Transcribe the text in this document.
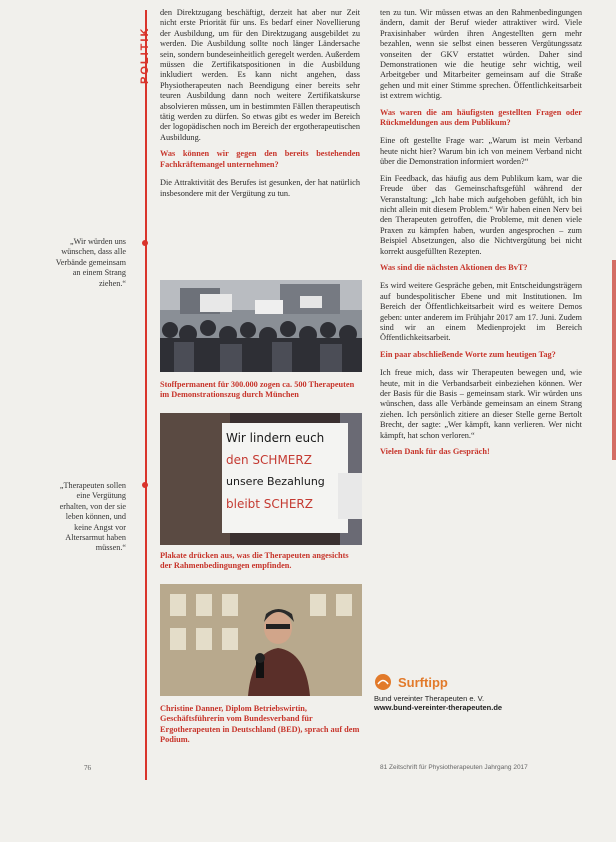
POLITIK

den Direktzugang beschäftigt, derzeit hat aber nur Zeit nicht erste Priorität für uns. Es bedarf einer Novellierung der Ausbildung, um für den Direktzugang ausgebildet zu werden. Die Ausbildung sollte noch länger Ländersache sein, sondern bundeseinheitlich geregelt werden. Außerdem müssen die Zertifikatspositionen in die Ausbildung inkludiert werden. Es kann nicht angehen, dass Physiotherapeuten nach Beendigung einer bereits sehr teuren Ausbildung dann noch weitere Zertifikatskurse absolvieren müssen, um in bestimmten Fällen therapeutisch tätig werden zu dürfen. So etwas gibt es weder im Bereich der logopädischen noch im Bereich der ergotherapeutischen Ausbildung.

Was können wir gegen den bereits bestehenden Fachkräftemangel unternehmen?

Die Attraktivität des Berufes ist gesunken, der hat natürlich insbesondere mit der Vergütung zu tun.

„Wir würden uns wünschen, dass alle Verbände gemeinsam an einem Strang ziehen.“
„Therapeuten sollen eine Vergütung erhalten, von der sie leben können, und keine Angst vor Altersarmut haben müssen.“
Stoffpermanent für 300.000 zogen ca. 500 Therapeuten im Demonstrationszug durch München
Wir lindern euch
den SCHMERZ
unsere Bezahlung
bleibt SCHERZ
Plakate drücken aus, was die Therapeuten angesichts der Rahmenbedingungen empfinden.
Christine Danner, Diplom Betriebswirtin, Geschäftsführerin vom Bundesverband für Ergotherapeuten in Deutschland (BED), sprach auf dem Podium.

ten zu tun. Wir müssen etwas an den Rahmenbedingungen ändern, damit der Beruf wieder attraktiver wird. Viele Praxisinhaber würden ihren Angestellten gern mehr bezahlen, wenn sie selbst einen besseren Vergütungssatz vonseiten der GKV erstattet würden. Daher sind Demonstrationen wie die heutige sehr wichtig, weil Arbeitgeber und Mitarbeiter gemeinsam auf die Straße gehen und mit einer Stimme sprechen. Öffentlichkeitsarbeit ist extrem wichtig.

Was waren die am häufigsten gestellten Fragen oder Rückmeldungen aus dem Publikum?

Eine oft gestellte Frage war: „Warum ist mein Verband heute nicht hier? Warum bin ich von meinem Verband nicht über die Demonstration informiert worden?“

Ein Feedback, das häufig aus dem Publikum kam, war die Freude über das Gemeinschaftsgefühl während der Veranstaltung: „Ich habe mich aufgehoben gefühlt, ich bin nicht allein mit diesem Problem.“ Wir haben einen Nerv bei den Therapeuten getroffen, die Probleme, mit denen viele Praxen zu kämpfen haben, wurden angesprochen – zum Beispiel Absetzungen, also die Nichtvergütung bei nicht korrekt ausgefüllten Rezepten.

Was sind die nächsten Aktionen des BvT?

Es wird weitere Gespräche geben, mit Entscheidungsträgern auf bundespolitischer Ebene und mit Institutionen. Im Bereich der Öffentlichkeitsarbeit wird es weitere Demos geben: unter anderem im Frühjahr 2017 am 17. Juni. Zudem sind wir an einem Medienprojekt im Bereich Öffentlichkeitsarbeit.

Ein paar abschließende Worte zum heutigen Tag?

Ich freue mich, dass wir Therapeuten bewegen und, wie heute, mit in die Verbandsarbeit einbeziehen können. Wer der Basis für die Basis – gemeinsam stark. Wir würden uns wünschen, dass alle Verbände gemeinsam an einem Strang ziehen. Ich persönlich zitiere an dieser Stelle gerne Bertolt Brecht, der sagte: „Wer kämpft, kann verlieren. Wer nicht kämpft, hat schon verloren.“

Vielen Dank für das Gespräch!

Surftipp
Bund vereinter Therapeuten e. V.
www.bund-vereinter-therapeuten.de
76	81 Zeitschrift für Physiotherapeuten Jahrgang 2017
